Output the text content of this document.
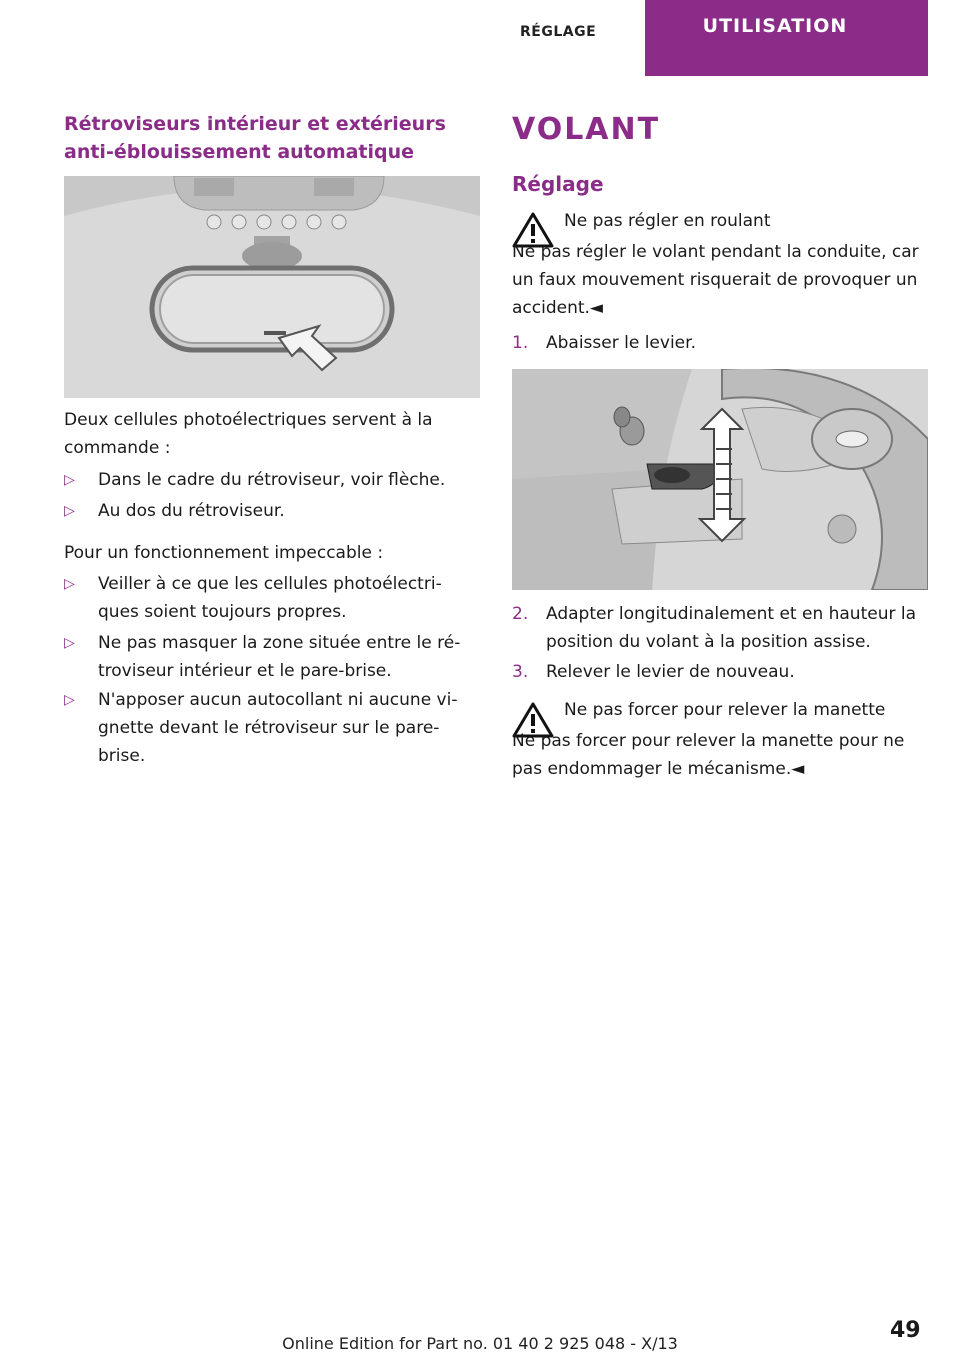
RÉGLAGE	UTILISATION
Rétroviseurs intérieur et extérieurs anti-éblouissement automatique
Deux cellules photoélectriques servent à la commande :
▷ Dans le cadre du rétroviseur, voir flèche.
▷ Au dos du rétroviseur.
Pour un fonctionnement impeccable :
▷ Veiller à ce que les cellules photoélectriques soient toujours propres.
▷ Ne pas masquer la zone située entre le rétroviseur intérieur et le pare-brise.
▷ N'apposer aucun autocollant ni aucune vignette devant le rétroviseur sur le pare-brise.
VOLANT
Réglage
Ne pas régler en roulant
Ne pas régler le volant pendant la conduite, car un faux mouvement risquerait de provoquer un accident.◄
1. Abaisser le levier.
2. Adapter longitudinalement et en hauteur la position du volant à la position assise.
3. Relever le levier de nouveau.
Ne pas forcer pour relever la manette
Ne pas forcer pour relever la manette pour ne pas endommager le mécanisme.◄
Online Edition for Part no. 01 40 2 925 048 - X/13
49
